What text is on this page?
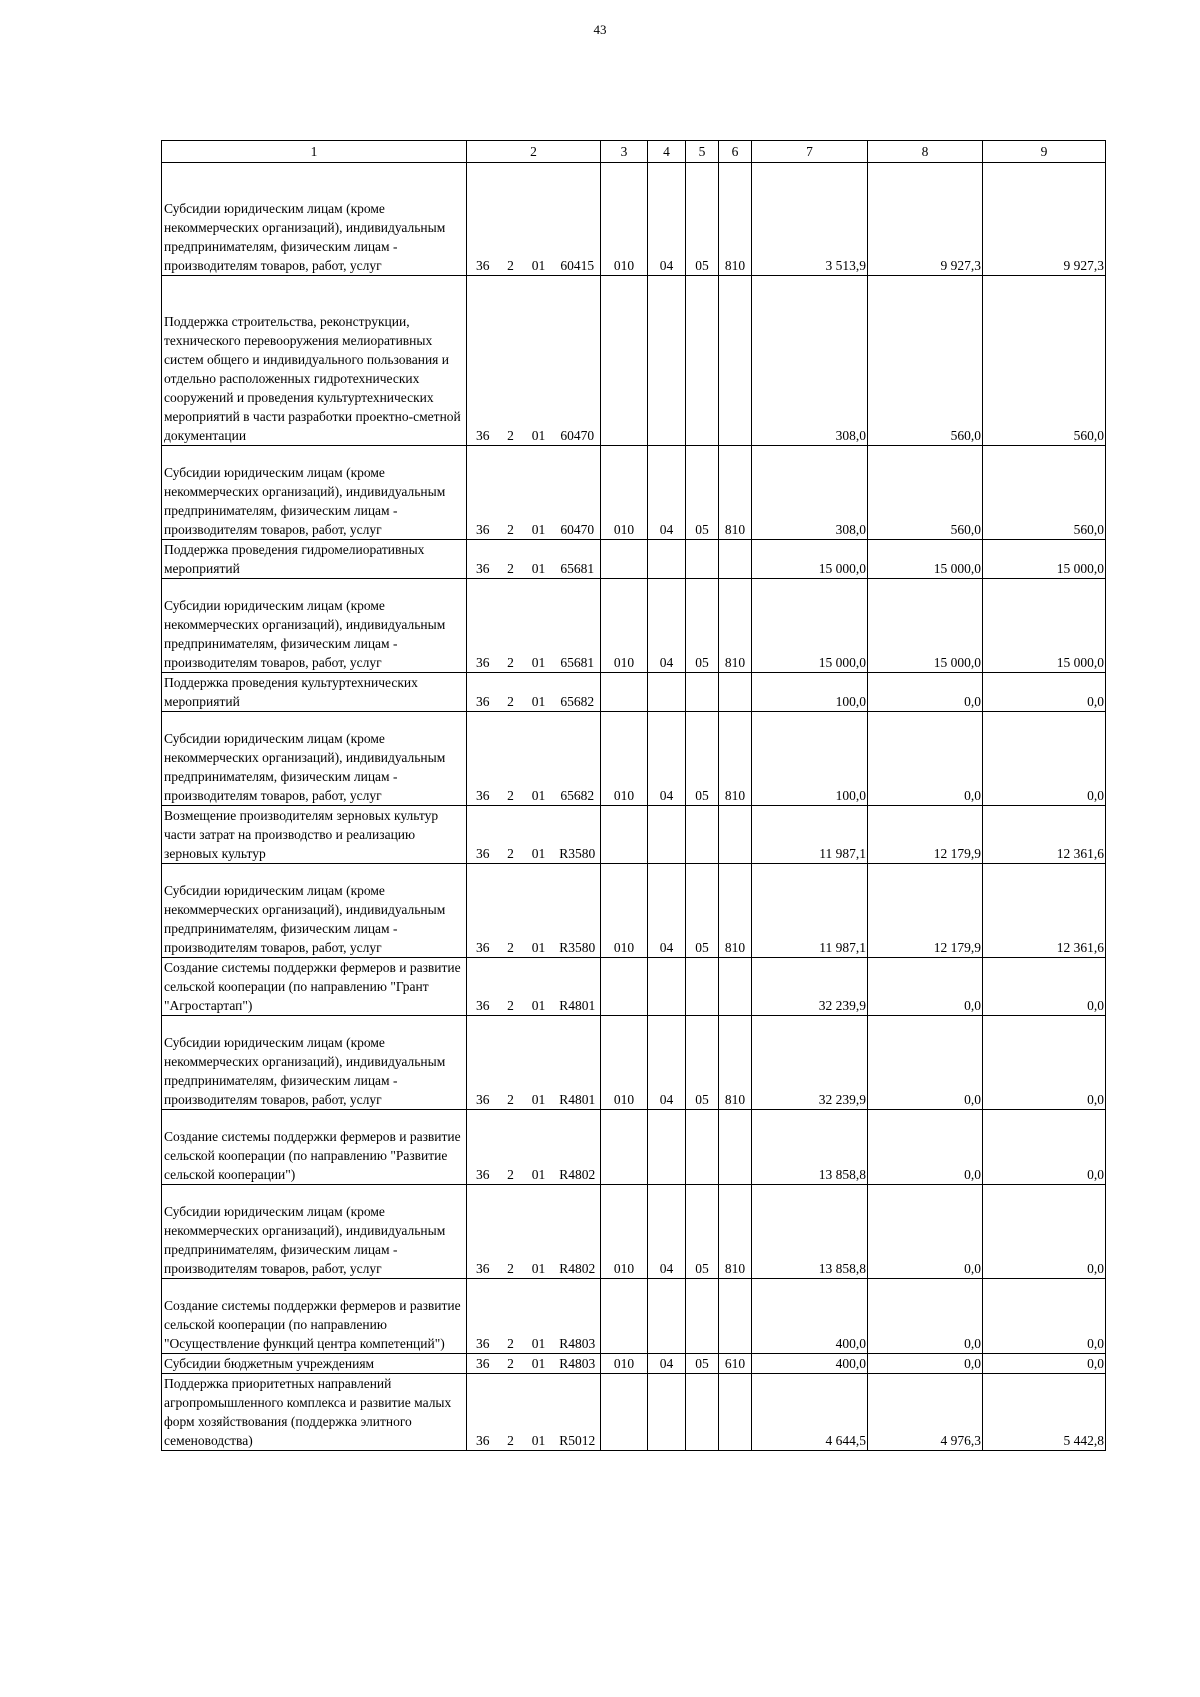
43
1	2				3	4	5	6	7	8	9
Субсидии юридическим лицам (кроме некоммерческих организаций), индивидуальным предпринимателям, физическим лицам - производителям товаров, работ, услуг	36	2	01	60415	010	04	05	810	3 513,9	9 927,3	9 927,3
Поддержка строительства, реконструкции, технического перевооружения мелиоративных систем общего и индивидуального пользования и отдельно расположенных гидротехнических сооружений и проведения культуртехнических мероприятий в части разработки проектно-сметной документации	36	2	01	60470					308,0	560,0	560,0
Субсидии юридическим лицам (кроме некоммерческих организаций), индивидуальным предпринимателям, физическим лицам - производителям товаров, работ, услуг	36	2	01	60470	010	04	05	810	308,0	560,0	560,0
Поддержка проведения гидромелиоративных мероприятий	36	2	01	65681					15 000,0	15 000,0	15 000,0
Субсидии юридическим лицам (кроме некоммерческих организаций), индивидуальным предпринимателям, физическим лицам - производителям товаров, работ, услуг	36	2	01	65681	010	04	05	810	15 000,0	15 000,0	15 000,0
Поддержка проведения культуртехнических мероприятий	36	2	01	65682					100,0	0,0	0,0
Субсидии юридическим лицам (кроме некоммерческих организаций), индивидуальным предпринимателям, физическим лицам - производителям товаров, работ, услуг	36	2	01	65682	010	04	05	810	100,0	0,0	0,0
Возмещение производителям зерновых культур части затрат на производство и реализацию зерновых культур	36	2	01	R3580					11 987,1	12 179,9	12 361,6
Субсидии юридическим лицам (кроме некоммерческих организаций), индивидуальным предпринимателям, физическим лицам - производителям товаров, работ, услуг	36	2	01	R3580	010	04	05	810	11 987,1	12 179,9	12 361,6
Создание системы поддержки фермеров и развитие сельской кооперации (по направлению "Грант "Агростартап")	36	2	01	R4801					32 239,9	0,0	0,0
Субсидии юридическим лицам (кроме некоммерческих организаций), индивидуальным предпринимателям, физическим лицам - производителям товаров, работ, услуг	36	2	01	R4801	010	04	05	810	32 239,9	0,0	0,0
Создание системы поддержки фермеров и развитие сельской кооперации (по направлению "Развитие сельской кооперации")	36	2	01	R4802					13 858,8	0,0	0,0
Субсидии юридическим лицам (кроме некоммерческих организаций), индивидуальным предпринимателям, физическим лицам - производителям товаров, работ, услуг	36	2	01	R4802	010	04	05	810	13 858,8	0,0	0,0
Создание системы поддержки фермеров и развитие сельской кооперации (по направлению "Осуществление функций центра компетенций")	36	2	01	R4803					400,0	0,0	0,0
Субсидии бюджетным учреждениям	36	2	01	R4803	010	04	05	610	400,0	0,0	0,0
Поддержка приоритетных направлений агропромышленного комплекса и развитие малых форм хозяйствования (поддержка элитного семеноводства)	36	2	01	R5012					4 644,5	4 976,3	5 442,8
